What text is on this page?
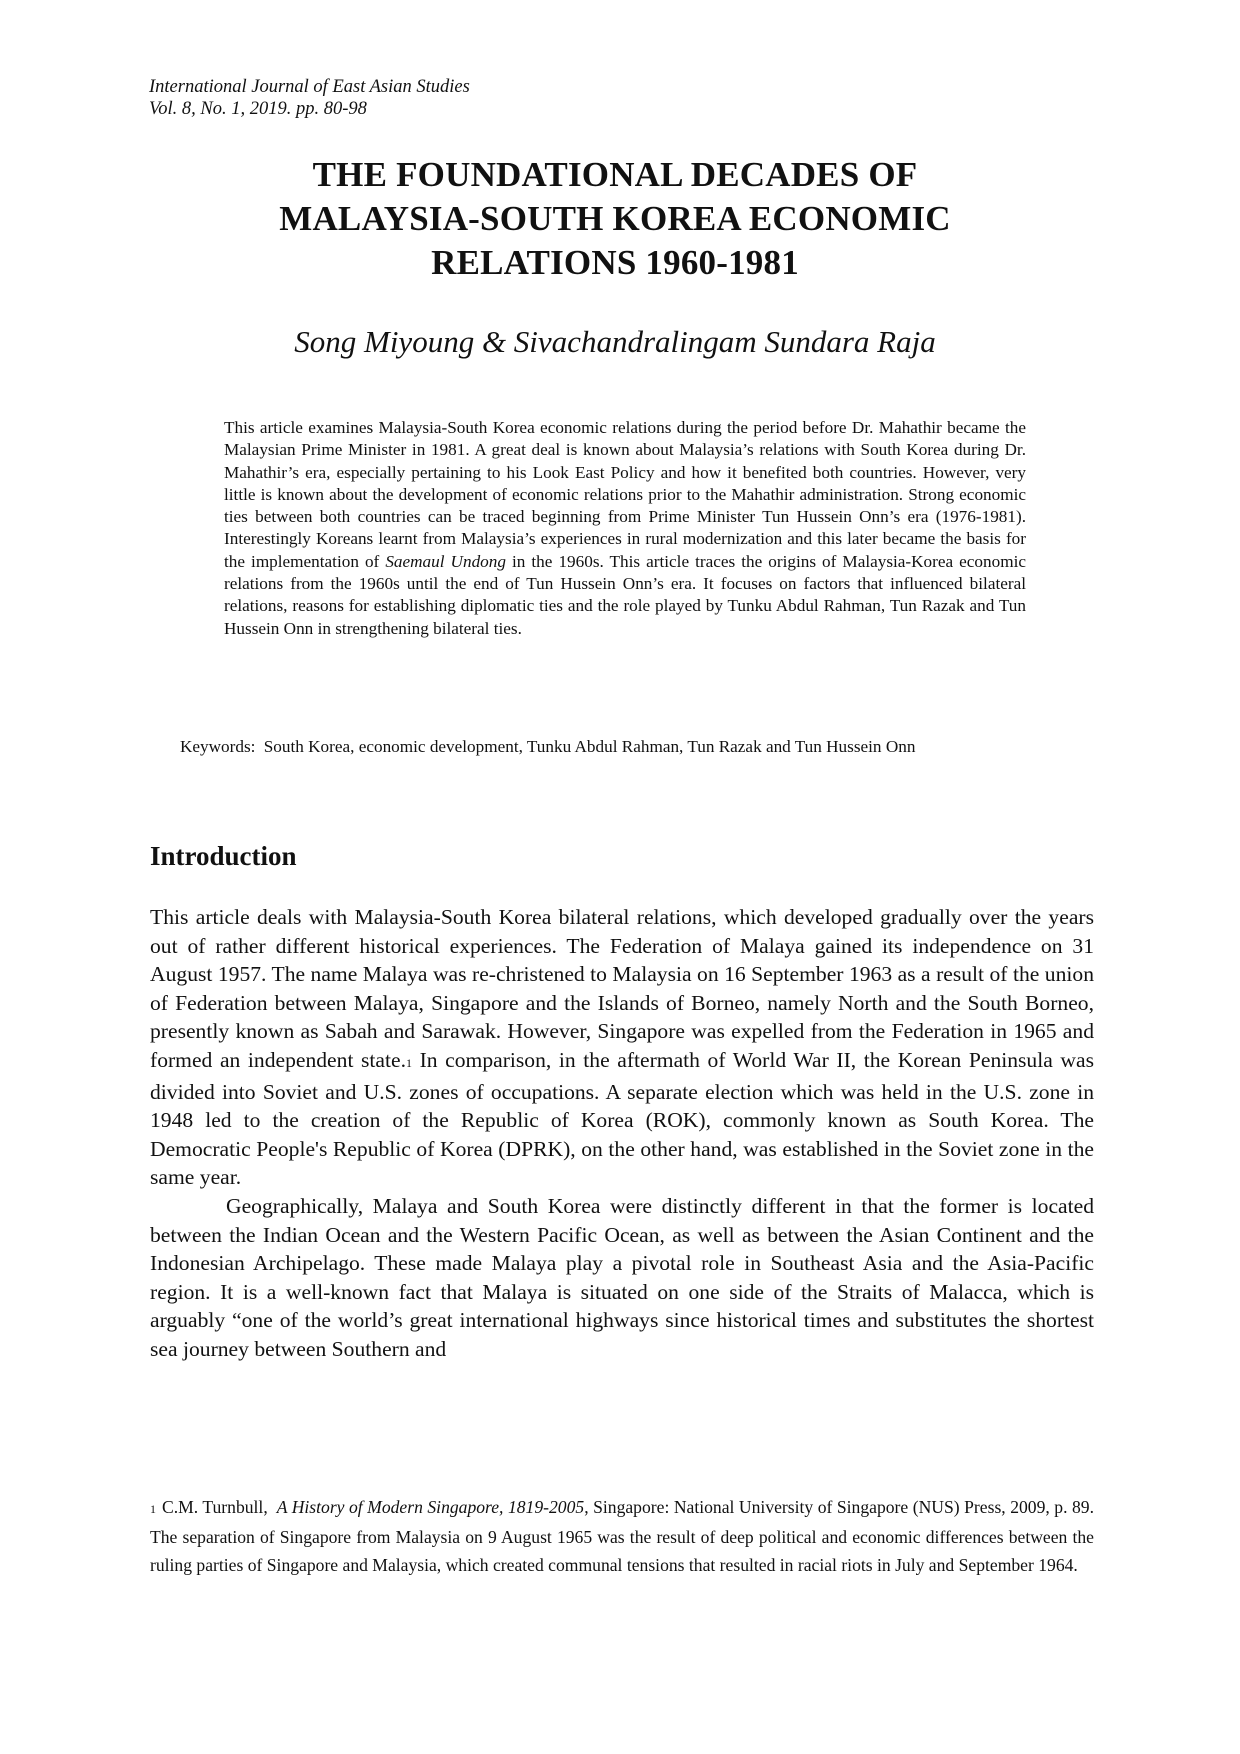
International Journal of East Asian Studies
Vol. 8, No. 1, 2019. pp. 80-98
THE FOUNDATIONAL DECADES OF
MALAYSIA-SOUTH KOREA ECONOMIC
RELATIONS 1960-1981
Song Miyoung & Sivachandralingam Sundara Raja
This article examines Malaysia-South Korea economic relations during the period before Dr. Mahathir became the Malaysian Prime Minister in 1981. A great deal is known about Malaysia’s relations with South Korea during Dr. Mahathir’s era, especially pertaining to his Look East Policy and how it benefited both countries. However, very little is known about the development of economic relations prior to the Mahathir administration. Strong economic ties between both countries can be traced beginning from Prime Minister Tun Hussein Onn’s era (1976-1981). Interestingly Koreans learnt from Malaysia’s experiences in rural modernization and this later became the basis for the implementation of Saemaul Undong in the 1960s. This article traces the origins of Malaysia-Korea economic relations from the 1960s until the end of Tun Hussein Onn’s era. It focuses on factors that influenced bilateral relations, reasons for establishing diplomatic ties and the role played by Tunku Abdul Rahman, Tun Razak and Tun Hussein Onn in strengthening bilateral ties.
Keywords: South Korea, economic development, Tunku Abdul Rahman, Tun Razak and Tun Hussein Onn
Introduction

This article deals with Malaysia-South Korea bilateral relations, which developed gradually over the years out of rather different historical experiences. The Federation of Malaya gained its independence on 31 August 1957. The name Malaya was re-christened to Malaysia on 16 September 1963 as a result of the union of Federation between Malaya, Singapore and the Islands of Borneo, namely North and the South Borneo, presently known as Sabah and Sarawak. However, Singapore was expelled from the Federation in 1965 and formed an independent state.1 In comparison, in the aftermath of World War II, the Korean Peninsula was divided into Soviet and U.S. zones of occupations. A separate election which was held in the U.S. zone in 1948 led to the creation of the Republic of Korea (ROK), commonly known as South Korea. The Democratic People's Republic of Korea (DPRK), on the other hand, was established in the Soviet zone in the same year.

Geographically, Malaya and South Korea were distinctly different in that the former is located between the Indian Ocean and the Western Pacific Ocean, as well as between the Asian Continent and the Indonesian Archipelago. These made Malaya play a pivotal role in Southeast Asia and the Asia-Pacific region. It is a well-known fact that Malaya is situated on one side of the Straits of Malacca, which is arguably “one of the world’s great international highways since historical times and substitutes the shortest sea journey between Southern and

1 C.M. Turnbull, A History of Modern Singapore, 1819-2005, Singapore: National University of Singapore (NUS) Press, 2009, p. 89. The separation of Singapore from Malaysia on 9 August 1965 was the result of deep political and economic differences between the ruling parties of Singapore and Malaysia, which created communal tensions that resulted in racial riots in July and September 1964.
